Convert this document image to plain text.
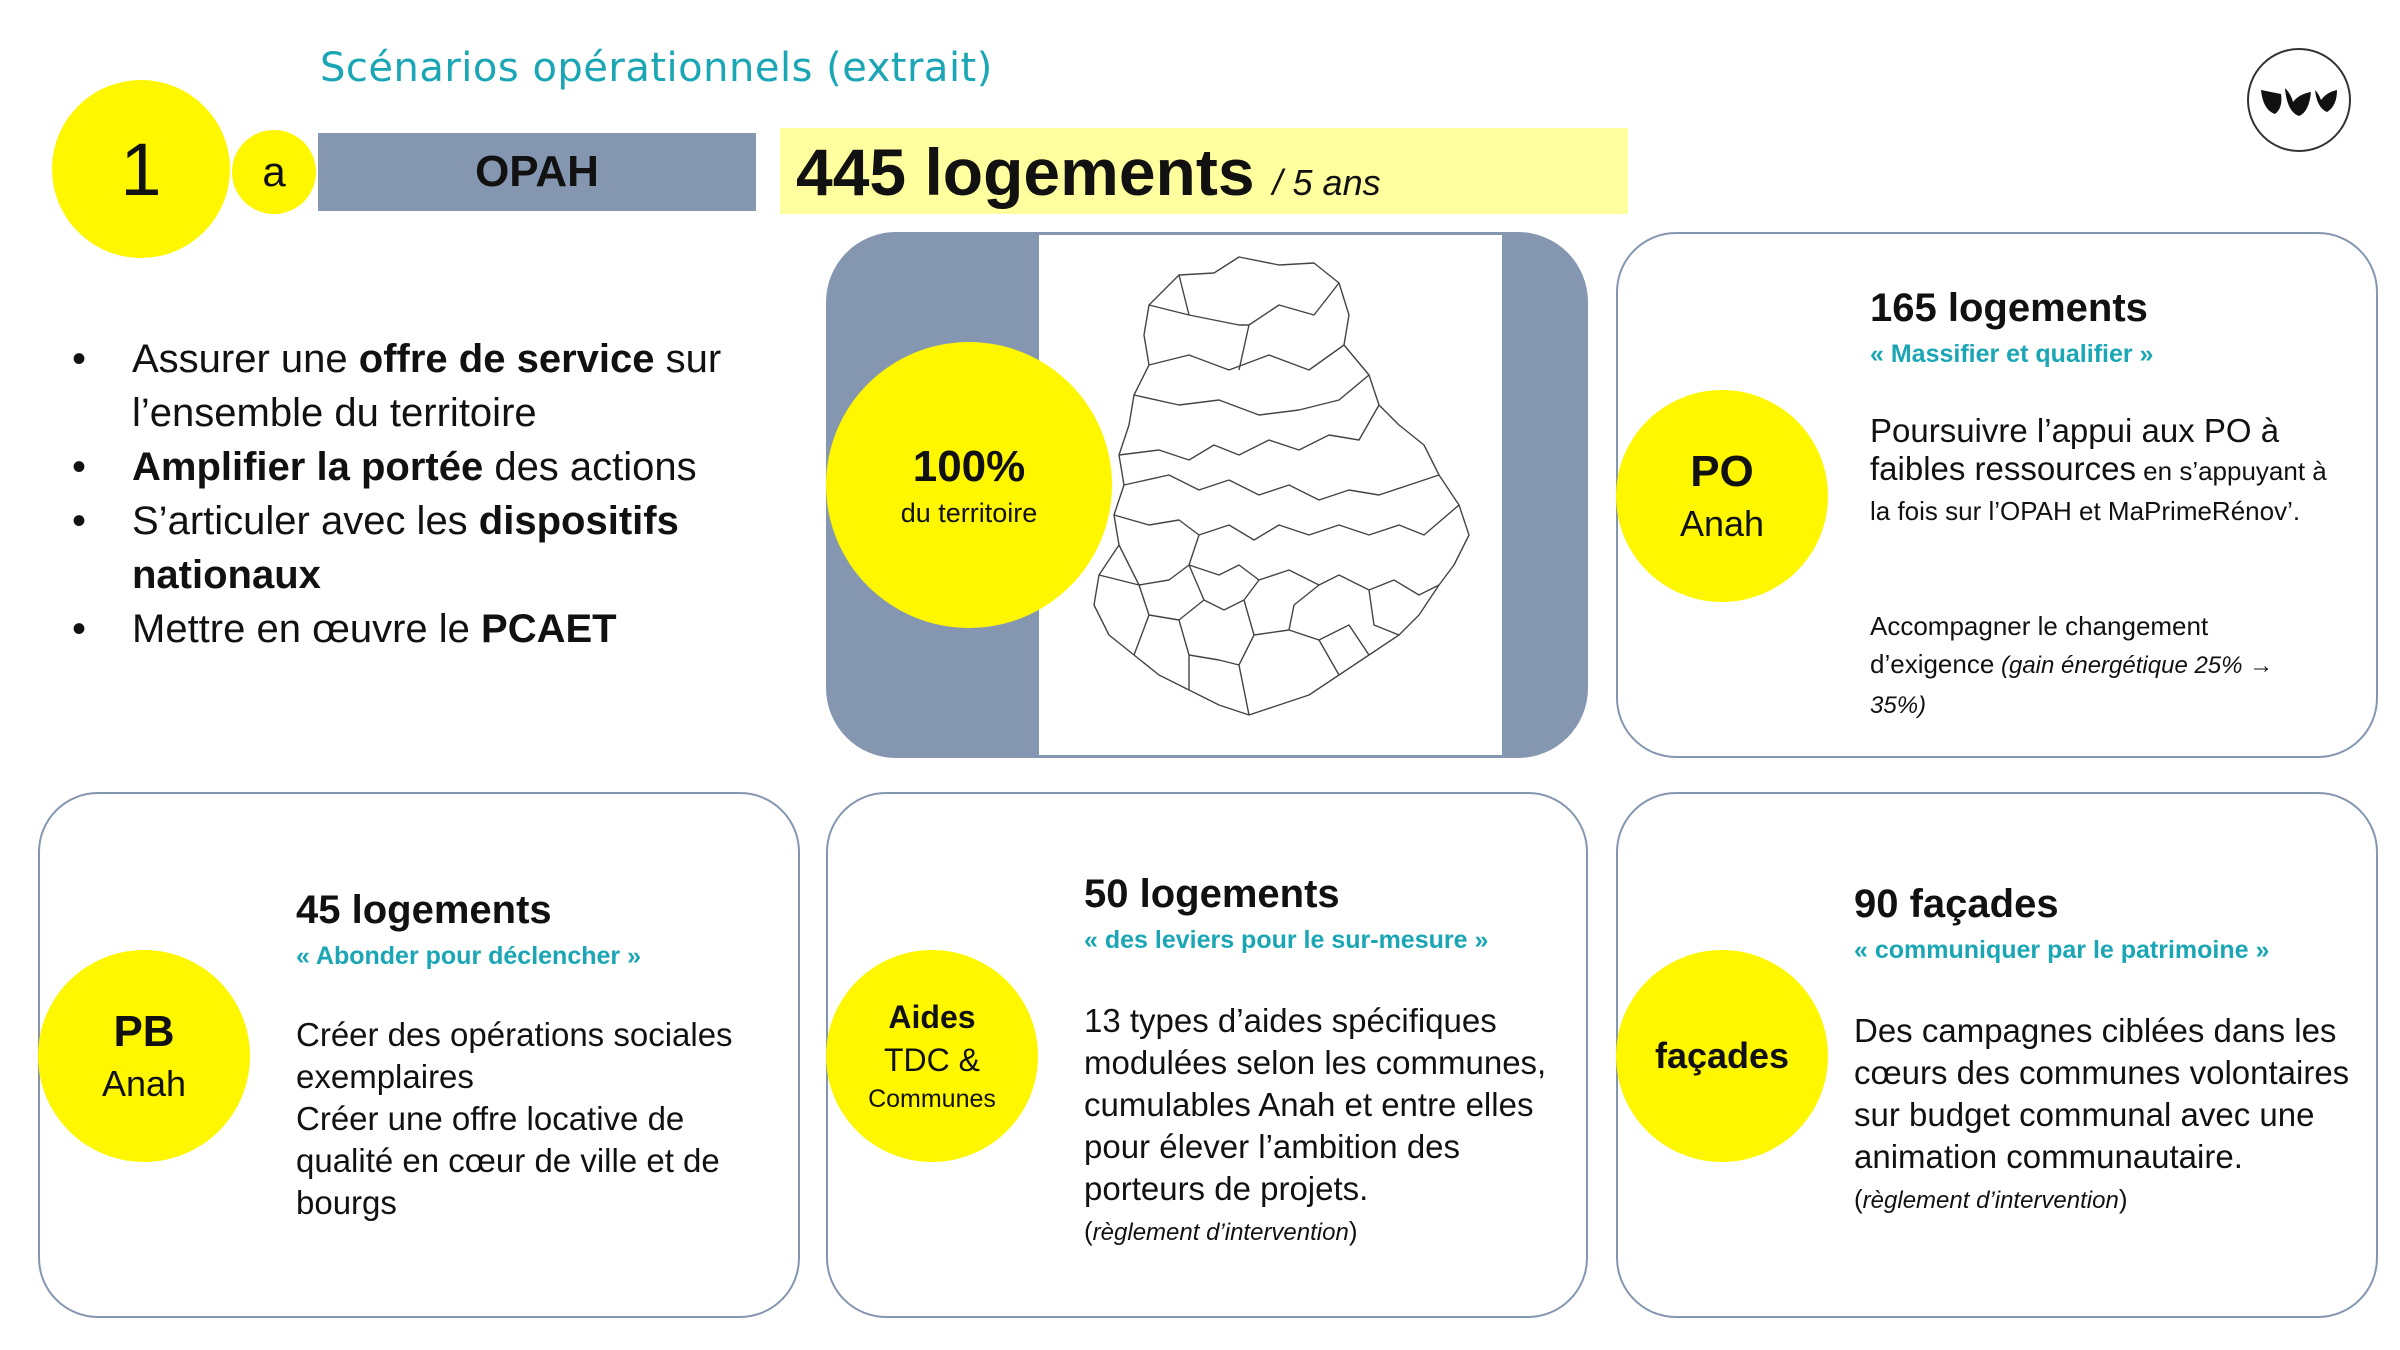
Scénarios opérationnels (extrait)
1 a	OPAH	445 logements / 5 ans
• Assurer une offre de service sur l’ensemble du territoire
• Amplifier la portée des actions
• S’articuler avec les dispositifs nationaux
• Mettre en œuvre le PCAET
100%
du territoire
PO
Anah
165 logements
« Massifier et qualifier »
Poursuivre l’appui aux PO à faibles ressources en s’appuyant à la fois sur l’OPAH et MaPrimeRénov’.
Accompagner le changement d’exigence (gain énergétique 25% → 35%)
PB
Anah
45 logements
« Abonder pour déclencher »
Créer des opérations sociales exemplaires
Créer une offre locative de qualité en cœur de ville et de bourgs
Aides
TDC &
Communes
50 logements
« des leviers pour le sur-mesure »
13 types d’aides spécifiques modulées selon les communes, cumulables Anah et entre elles pour élever l’ambition des porteurs de projets.
(règlement d’intervention)
façades
90 façades
« communiquer par le patrimoine »
Des campagnes ciblées dans les cœurs des communes volontaires sur budget communal avec une animation communautaire.
(règlement d’intervention)
